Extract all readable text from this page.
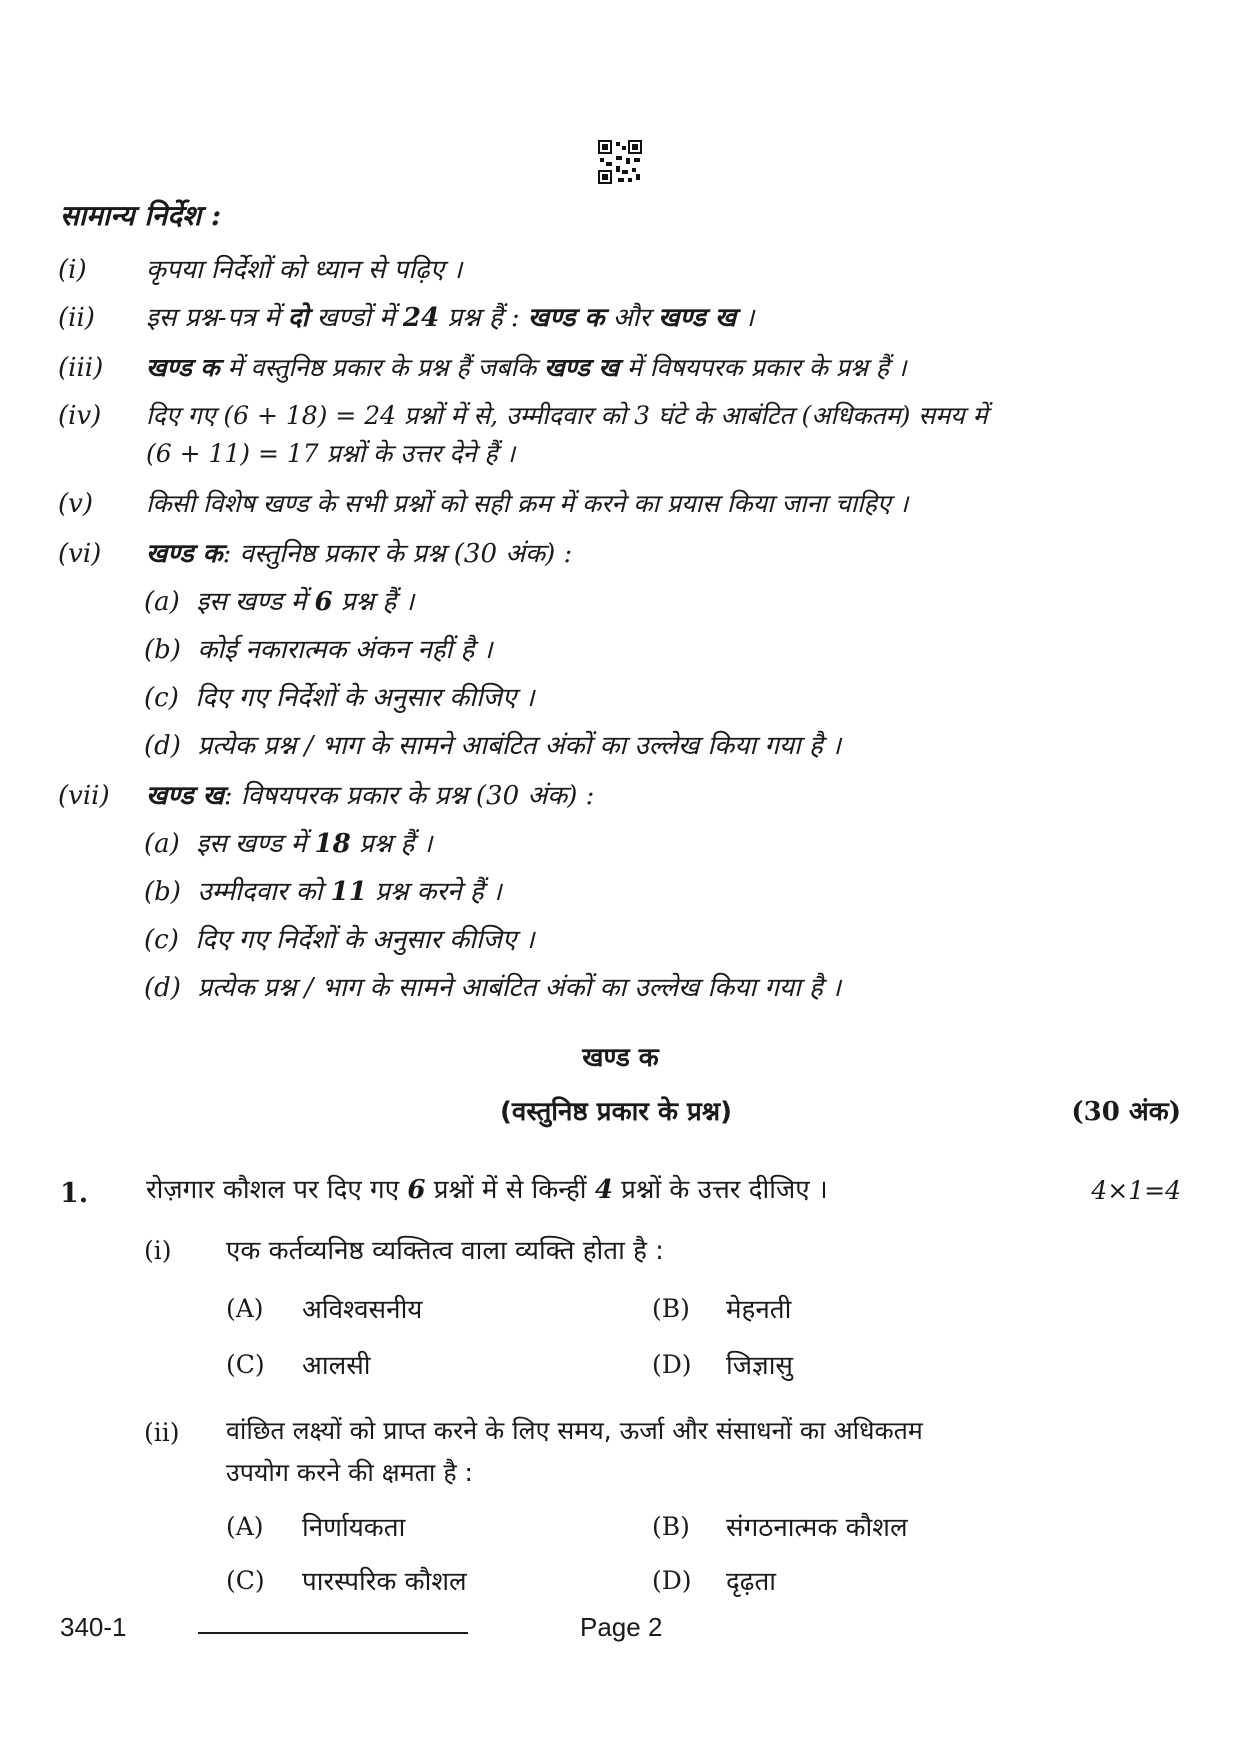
सामान्य निर्देश :
(i) कृपया निर्देशों को ध्यान से पढ़िए ।
(ii) इस प्रश्न-पत्र में दो खण्डों में 24 प्रश्न हैं : खण्ड क और खण्ड ख ।
(iii) खण्ड क में वस्तुनिष्ठ प्रकार के प्रश्न हैं जबकि खण्ड ख में विषयपरक प्रकार के प्रश्न हैं ।
(iv) दिए गए (6 + 18) = 24 प्रश्नों में से, उम्मीदवार को 3 घंटे के आबंटित (अधिकतम) समय में
(6 + 11) = 17 प्रश्नों के उत्तर देने हैं ।
(v) किसी विशेष खण्ड के सभी प्रश्नों को सही क्रम में करने का प्रयास किया जाना चाहिए ।
(vi) खण्ड क: वस्तुनिष्ठ प्रकार के प्रश्न (30 अंक) :
(a) इस खण्ड में 6 प्रश्न हैं ।
(b) कोई नकारात्मक अंकन नहीं है ।
(c) दिए गए निर्देशों के अनुसार कीजिए ।
(d) प्रत्येक प्रश्न / भाग के सामने आबंटित अंकों का उल्लेख किया गया है ।
(vii) खण्ड ख: विषयपरक प्रकार के प्रश्न (30 अंक) :
(a) इस खण्ड में 18 प्रश्न हैं ।
(b) उम्मीदवार को 11 प्रश्न करने हैं ।
(c) दिए गए निर्देशों के अनुसार कीजिए ।
(d) प्रत्येक प्रश्न / भाग के सामने आबंटित अंकों का उल्लेख किया गया है ।
खण्ड क
(वस्तुनिष्ठ प्रकार के प्रश्न)	(30 अंक)
1. रोज़गार कौशल पर दिए गए 6 प्रश्नों में से किन्हीं 4 प्रश्नों के उत्तर दीजिए ।	4×1=4
(i) एक कर्तव्यनिष्ठ व्यक्तित्व वाला व्यक्ति होता है :
(A) अविश्वसनीय	(B) मेहनती
(C) आलसी	(D) जिज्ञासु
(ii) वांछित लक्ष्यों को प्राप्त करने के लिए समय, ऊर्जा और संसाधनों का अधिकतम
उपयोग करने की क्षमता है :
(A) निर्णायकता	(B) संगठनात्मक कौशल
(C) पारस्परिक कौशल	(D) दृढ़ता
340-1	Page 2
